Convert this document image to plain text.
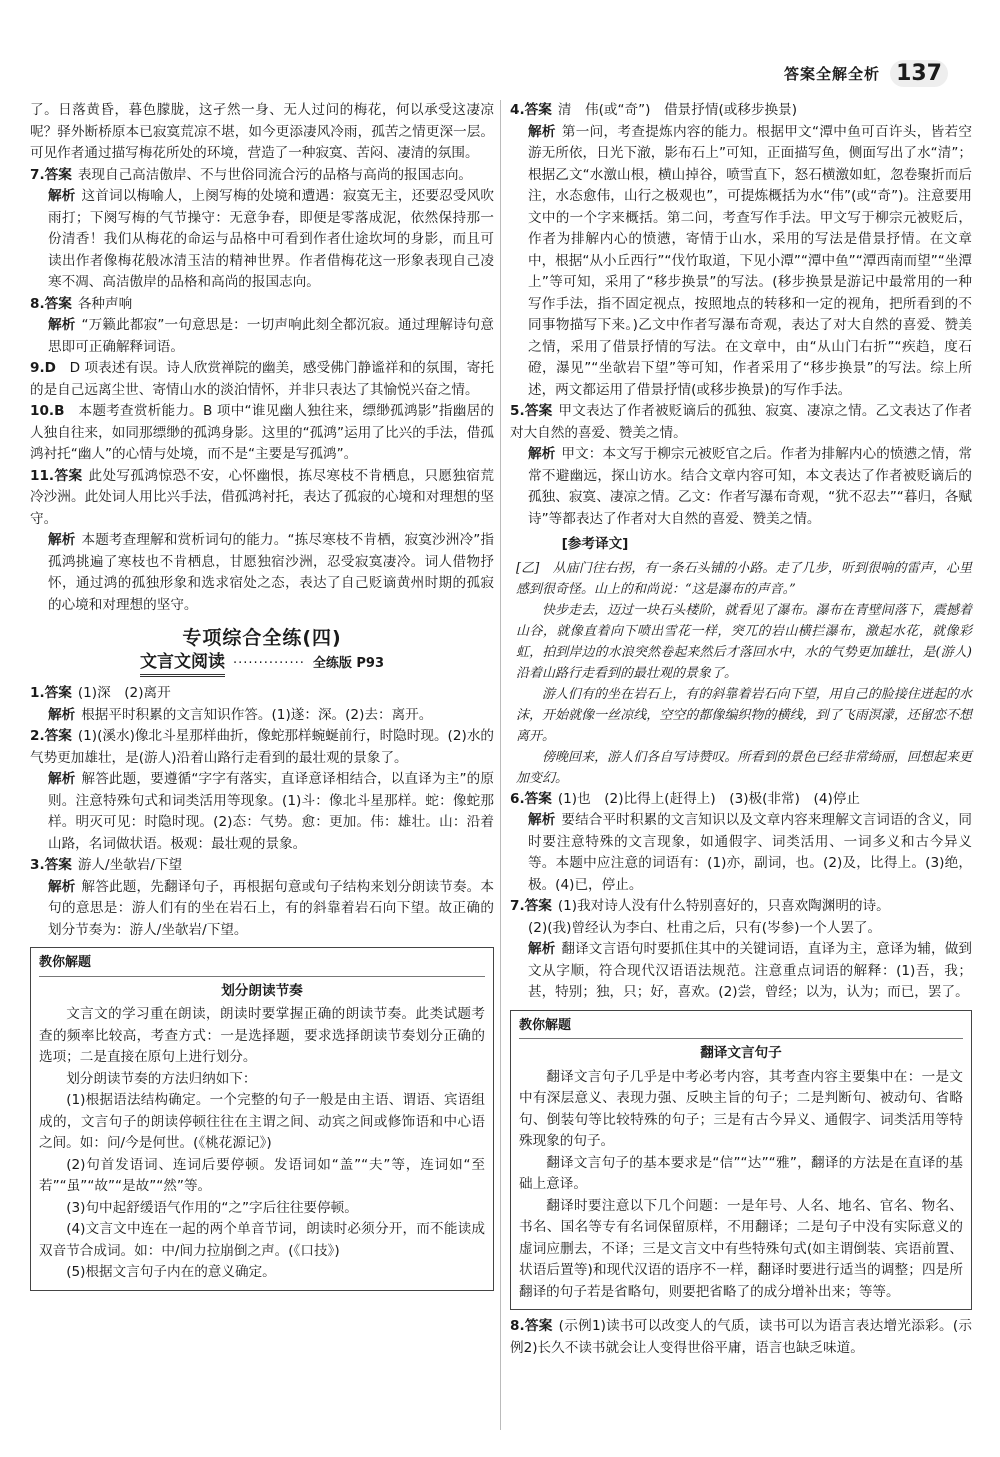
答案全解全析 137

了。日落黄昏，暮色朦胧，这孑然一身、无人过问的梅花，何以承受这凄凉呢？驿外断桥原本已寂寞荒凉不堪，如今更添凄风冷雨，孤苦之情更深一层。可见作者通过描写梅花所处的环境，营造了一种寂寞、苦闷、凄清的氛围。

7.答案 表现自己高洁傲岸、不与世俗同流合污的品格与高尚的报国志向。

解析 这首词以梅喻人，上阕写梅的处境和遭遇：寂寞无主，还要忍受风吹雨打；下阕写梅的气节操守：无意争春，即便是零落成泥，依然保持那一份清香！我们从梅花的命运与品格中可看到作者仕途坎坷的身影，而且可读出作者像梅花般冰清玉洁的精神世界。作者借梅花这一形象表现自己凌寒不凋、高洁傲岸的品格和高尚的报国志向。

8.答案 各种声响

解析 “万籁此都寂”一句意思是：一切声响此刻全都沉寂。通过理解诗句意思即可正确解释词语。

9.D　 D 项表述有误。诗人欣赏禅院的幽美，感受佛门静谧祥和的氛围，寄托的是自己远离尘世、寄情山水的淡泊情怀，并非只表达了其愉悦兴奋之情。

10.B　 本题考查赏析能力。B 项中“谁见幽人独往来，缥缈孤鸿影”指幽居的人独自往来，如同那缥缈的孤鸿身影。这里的“孤鸿”运用了比兴的手法，借孤鸿衬托“幽人”的心情与处境，而不是“主要是写孤鸿”。

11.答案 此处写孤鸿惊恐不安，心怀幽恨，拣尽寒枝不肯栖息，只愿独宿荒冷沙洲。此处词人用比兴手法，借孤鸿衬托，表达了孤寂的心境和对理想的坚守。

解析 本题考查理解和赏析词句的能力。“拣尽寒枝不肯栖，寂寞沙洲冷”指孤鸿挑遍了寒枝也不肯栖息，甘愿独宿沙洲，忍受寂寞凄冷。词人借物抒怀，通过鸿的孤独形象和选求宿处之态，表达了自己贬谪黄州时期的孤寂的心境和对理想的坚守。

专项综合全练(四)
文言文阅读 ·············· 全练版 P93

1.答案 (1)深　(2)离开

解析 根据平时积累的文言知识作答。(1)遂：深。(2)去：离开。

2.答案 (1)(溪水)像北斗星那样曲折，像蛇那样蜿蜒前行，时隐时现。(2)水的气势更加雄壮，是(游人)沿着山路行走看到的最壮观的景象了。

解析 解答此题，要遵循“字字有落实，直译意译相结合，以直译为主”的原则。注意特殊句式和词类活用等现象。(1)斗：像北斗星那样。蛇：像蛇那样。明灭可见：时隐时现。(2)态：气势。愈：更加。伟：雄壮。山：沿着山路，名词做状语。极观：最壮观的景象。

3.答案 游人/坐欹岩/下望

解析 解答此题，先翻译句子，再根据句意或句子结构来划分朗读节奏。本句的意思是：游人们有的坐在岩石上，有的斜靠着岩石向下望。故正确的划分节奏为：游人/坐欹岩/下望。

教你解题
划分朗读节奏

文言文的学习重在朗读，朗读时要掌握正确的朗读节奏。此类试题考查的频率比较高，考查方式：一是选择题，要求选择朗读节奏划分正确的选项；二是直接在原句上进行划分。

划分朗读节奏的方法归纳如下：

(1)根据语法结构确定。一个完整的句子一般是由主语、谓语、宾语组成的，文言句子的朗读停顿往往在主谓之间、动宾之间或修饰语和中心语之间。如：问/今是何世。(《桃花源记》)

(2)句首发语词、连词后要停顿。发语词如“盖”“夫”等，连词如“至若”“虽”“故”“是故”“然”等。

(3)句中起舒缓语气作用的“之”字后往往要停顿。

(4)文言文中连在一起的两个单音节词，朗读时必须分开，而不能读成双音节合成词。如：中/间力拉崩倒之声。(《口技》)

(5)根据文言句子内在的意义确定。

4.答案 清　伟(或“奇”)　借景抒情(或移步换景)

解析 第一问，考查提炼内容的能力。根据甲文“潭中鱼可百许头，皆若空游无所依，日光下澈，影布石上”可知，正面描写鱼，侧面写出了水“清”；根据乙文“水激山根，横山掉谷，喷雪直下，怒石横激如虹，忽卷聚折而后注，水态愈伟，山行之极观也”，可提炼概括为水“伟”(或“奇”)。注意要用文中的一个字来概括。第二问，考查写作手法。甲文写于柳宗元被贬后，作者为排解内心的愤懑，寄情于山水，采用的写法是借景抒情。在文章中，根据“从小丘西行”“伐竹取道，下见小潭”“潭中鱼”“潭西南而望”“坐潭上”等可知，采用了“移步换景”的写法。(移步换景是游记中最常用的一种写作手法，指不固定视点，按照地点的转移和一定的视角，把所看到的不同事物描写下来。)乙文中作者写瀑布奇观，表达了对大自然的喜爱、赞美之情，采用了借景抒情的写法。在文章中，由“从山门右折”“疾趋，度石磴，瀑见”“坐欹岩下望”等可知，作者采用了“移步换景”的写法。综上所述，两文都运用了借景抒情(或移步换景)的写作手法。

5.答案 甲文表达了作者被贬谪后的孤独、寂寞、凄凉之情。乙文表达了作者对大自然的喜爱、赞美之情。

解析 甲文：本文写于柳宗元被贬官之后。作者为排解内心的愤懑之情，常常不避幽远，探山访水。结合文章内容可知，本文表达了作者被贬谪后的孤独、寂寞、凄凉之情。乙文：作者写瀑布奇观，“犹不忍去”“暮归，各赋诗”等都表达了作者对大自然的喜爱、赞美之情。

[参考译文]

[乙]　从庙门往右拐，有一条石头铺的小路。走了几步，听到很响的雷声，心里感到很奇怪。山上的和尚说：“这是瀑布的声音。”

快步走去，迈过一块石头楼阶，就看见了瀑布。瀑布在青壁间落下，震撼着山谷，就像直着向下喷出雪花一样，突兀的岩山横拦瀑布，激起水花，就像彩虹，拍到岸边的水浪突然卷起来然后才落回水中，水的气势更加雄壮，是(游人)沿着山路行走看到的最壮观的景象了。

游人们有的坐在岩石上，有的斜靠着岩石向下望，用自己的脸接住迸起的水沫，开始就像一丝凉线，空空的都像编织物的横线，到了飞雨溟濛，还留恋不想离开。

傍晚回来，游人们各自写诗赞叹。所看到的景色已经非常绮丽，回想起来更加变幻。

6.答案 (1)也　(2)比得上(赶得上)　(3)极(非常)　(4)停止

解析 要结合平时积累的文言知识以及文章内容来理解文言词语的含义，同时要注意特殊的文言现象，如通假字、词类活用、一词多义和古今异义等。本题中应注意的词语有：(1)亦，副词，也。(2)及，比得上。(3)绝，极。(4)已，停止。

7.答案 (1)我对诗人没有什么特别喜好的，只喜欢陶渊明的诗。

(2)(我)曾经认为李白、杜甫之后，只有(岑参)一个人罢了。

解析 翻译文言语句时要抓住其中的关键词语，直译为主，意译为辅，做到文从字顺，符合现代汉语语法规范。注意重点词语的解释：(1)吾，我；甚，特别；独，只；好，喜欢。(2)尝，曾经；以为，认为；而已，罢了。

教你解题
翻译文言句子

翻译文言句子几乎是中考必考内容，其考查内容主要集中在：一是文中有深层意义、表现力强、反映主旨的句子；二是判断句、被动句、省略句、倒装句等比较特殊的句子；三是有古今异义、通假字、词类活用等特殊现象的句子。

翻译文言句子的基本要求是“信”“达”“雅”，翻译的方法是在直译的基础上意译。

翻译时要注意以下几个问题：一是年号、人名、地名、官名、物名、书名、国名等专有名词保留原样，不用翻译；二是句子中没有实际意义的虚词应删去，不译；三是文言文中有些特殊句式(如主谓倒装、宾语前置、状语后置等)和现代汉语的语序不一样，翻译时要进行适当的调整；四是所翻译的句子若是省略句，则要把省略了的成分增补出来；等等。

8.答案 (示例1)读书可以改变人的气质，读书可以为语言表达增光添彩。(示例2)长久不读书就会让人变得世俗平庸，语言也缺乏味道。
